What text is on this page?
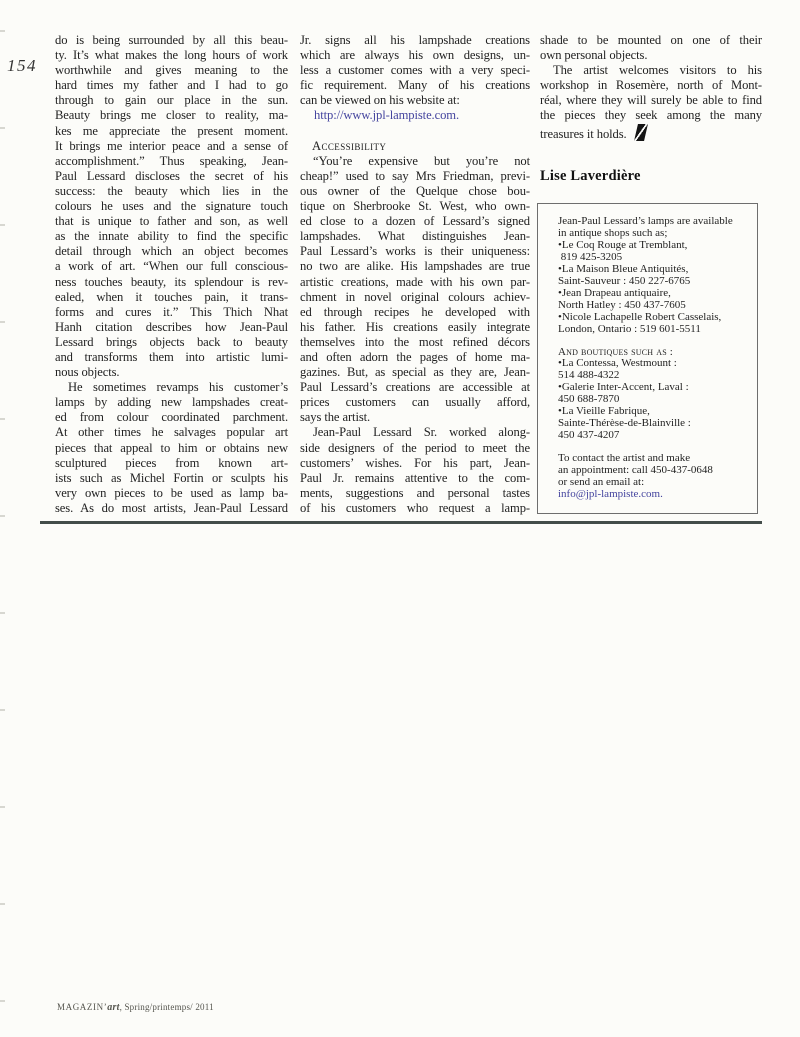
154
do is being surrounded by all this beau-
ty. It’s what makes the long hours of work
worthwhile and gives meaning to the
hard times my father and I had to go
through to gain our place in the sun.
Beauty brings me closer to reality, ma-
kes me appreciate the present moment.
It brings me interior peace and a sense of
accomplishment.” Thus speaking, Jean-
Paul Lessard discloses the secret of his
success: the beauty which lies in the
colours he uses and the signature touch
that is unique to father and son, as well
as the innate ability to find the specific
detail through which an object becomes
a work of art. “When our full conscious-
ness touches beauty, its splendour is rev-
ealed, when it touches pain, it trans-
forms and cures it.” This Thich Nhat
Hanh citation describes how Jean-Paul
Lessard brings objects back to beauty
and transforms them into artistic lumi-
nous objects.
He sometimes revamps his customer’s
lamps by adding new lampshades creat-
ed from colour coordinated parchment.
At other times he salvages popular art
pieces that appeal to him or obtains new
sculptured pieces from known art-
ists such as Michel Fortin or sculpts his
very own pieces to be used as lamp ba-
ses. As do most artists, Jean-Paul Lessard
Jr. signs all his lampshade creations
which are always his own designs, un-
less a customer comes with a very speci-
fic requirement. Many of his creations
can be viewed on his website at:
http://www.jpl-lampiste.com.
Accessibility
“You’re expensive but you’re not
cheap!” used to say Mrs Friedman, previ-
ous owner of the Quelque chose bou-
tique on Sherbrooke St. West, who own-
ed close to a dozen of Lessard’s signed
lampshades. What distinguishes Jean-
Paul Lessard’s works is their uniqueness:
no two are alike. His lampshades are true
artistic creations, made with his own par-
chment in novel original colours achiev-
ed through recipes he developed with
his father. His creations easily integrate
themselves into the most refined décors
and often adorn the pages of home ma-
gazines. But, as special as they are, Jean-
Paul Lessard’s creations are accessible at
prices customers can usually afford,
says the artist.
Jean-Paul Lessard Sr. worked along-
side designers of the period to meet the
customers’ wishes. For his part, Jean-
Paul Jr. remains attentive to the com-
ments, suggestions and personal tastes
of his customers who request a lamp-
shade to be mounted on one of their
own personal objects.
The artist welcomes visitors to his
workshop in Rosemère, north of Mont-
réal, where they will surely be able to find
the pieces they seek among the many
treasures it holds.
Lise Laverdière
Jean-Paul Lessard’s lamps are available
in antique shops such as;
•Le Coq Rouge at Tremblant,
819 425-3205
•La Maison Bleue Antiquités,
Saint-Sauveur : 450 227-6765
•Jean Drapeau antiquaire,
North Hatley : 450 437-7605
•Nicole Lachapelle Robert Casselais,
London, Ontario : 519 601-5511
And boutiques such as :
•La Contessa, Westmount :
514 488-4322
•Galerie Inter-Accent, Laval :
450 688-7870
•La Vieille Fabrique,
Sainte-Thérèse-de-Blainville :
450 437-4207
To contact the artist and make
an appointment: call 450-437-0648
or send an email at:
info@jpl-lampiste.com.
MAGAZIN’art, Spring/printemps/ 2011
